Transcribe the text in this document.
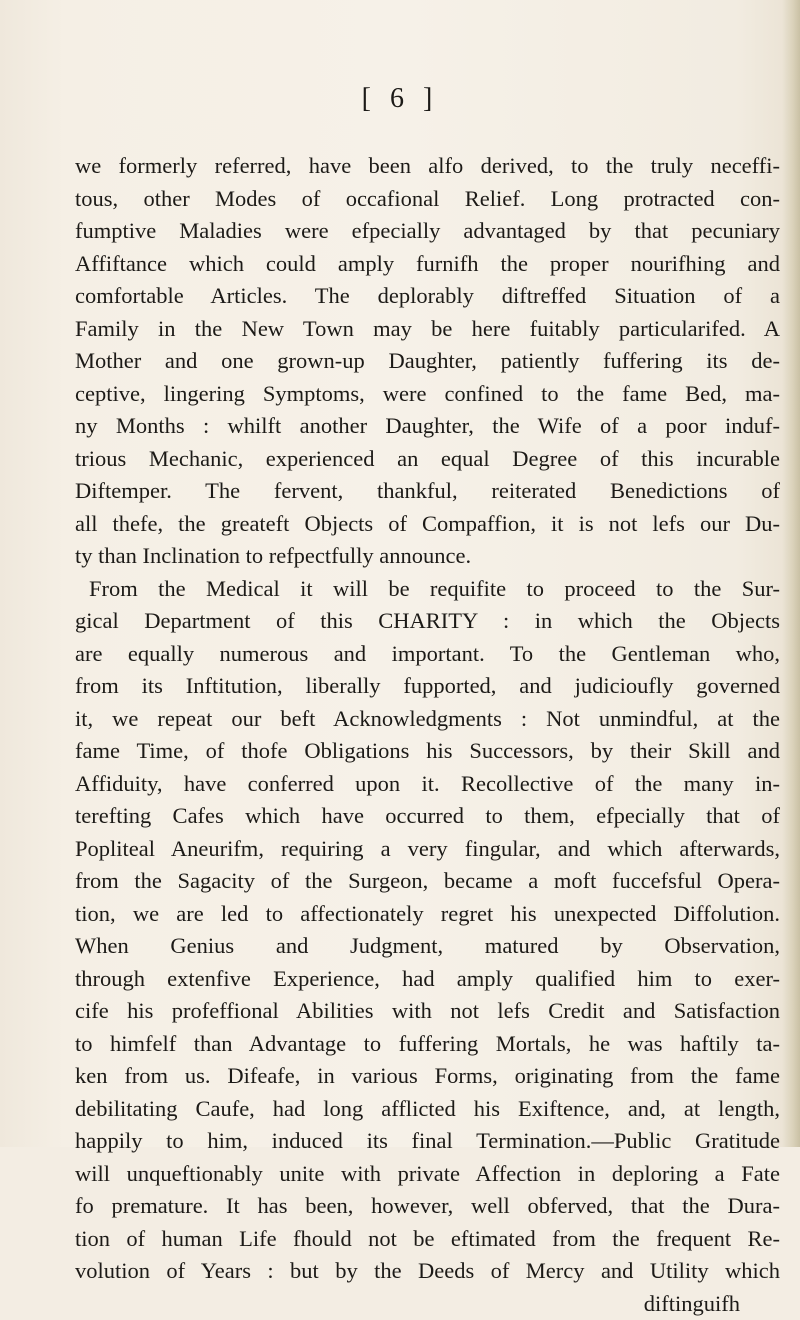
[ 6 ]
we formerly referred, have been alfo derived, to the truly neceffi-
tous, other Modes of occafional Relief. Long protracted con-
fumptive Maladies were efpecially advantaged by that pecuniary
Affiftance which could amply furnifh the proper nourifhing and
comfortable Articles. The deplorably diftreffed Situation of a
Family in the New Town may be here fuitably particularifed. A
Mother and one grown-up Daughter, patiently fuffering its de-
ceptive, lingering Symptoms, were confined to the fame Bed, ma-
ny Months : whilft another Daughter, the Wife of a poor induf-
trious Mechanic, experienced an equal Degree of this incurable
Diftemper. The fervent, thankful, reiterated Benedictions of
all thefe, the greateft Objects of Compaffion, it is not lefs our Du-
ty than Inclination to refpectfully announce.
From the Medical it will be requifite to proceed to the Sur-
gical Department of this CHARITY : in which the Objects
are equally numerous and important. To the Gentleman who,
from its Inftitution, liberally fupported, and judicioufly governed
it, we repeat our beft Acknowledgments : Not unmindful, at the
fame Time, of thofe Obligations his Successors, by their Skill and
Affiduity, have conferred upon it. Recollective of the many in-
terefting Cafes which have occurred to them, efpecially that of
Popliteal Aneurifm, requiring a very fingular, and which afterwards,
from the Sagacity of the Surgeon, became a moft fuccefsful Opera-
tion, we are led to affectionately regret his unexpected Diffolution.
When Genius and Judgment, matured by Observation,
through extenfive Experience, had amply qualified him to exer-
cife his profeffional Abilities with not lefs Credit and Satisfaction
to himfelf than Advantage to fuffering Mortals, he was haftily ta-
ken from us. Difeafe, in various Forms, originating from the fame
debilitating Caufe, had long afflicted his Exiftence, and, at length,
happily to him, induced its final Termination.—Public Gratitude
will unqueftionably unite with private Affection in deploring a Fate
fo premature. It has been, however, well obferved, that the Dura-
tion of human Life fhould not be eftimated from the frequent Re-
volution of Years : but by the Deeds of Mercy and Utility which
diftinguifh
